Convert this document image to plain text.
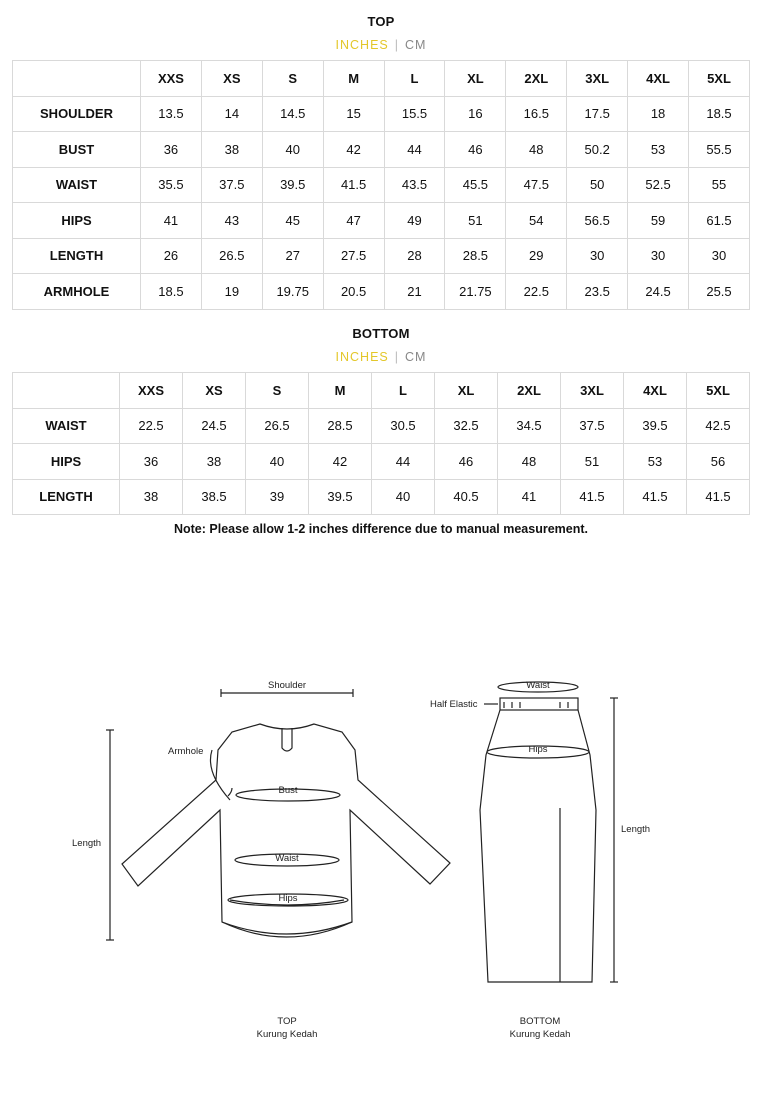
TOP
INCHES | CM
	XXS	XS	S	M	L	XL	2XL	3XL	4XL	5XL
SHOULDER	13.5	14	14.5	15	15.5	16	16.5	17.5	18	18.5
BUST	36	38	40	42	44	46	48	50.2	53	55.5
WAIST	35.5	37.5	39.5	41.5	43.5	45.5	47.5	50	52.5	55
HIPS	41	43	45	47	49	51	54	56.5	59	61.5
LENGTH	26	26.5	27	27.5	28	28.5	29	30	30	30
ARMHOLE	18.5	19	19.75	20.5	21	21.75	22.5	23.5	24.5	25.5
BOTTOM
INCHES | CM
	XXS	XS	S	M	L	XL	2XL	3XL	4XL	5XL
WAIST	22.5	24.5	26.5	28.5	30.5	32.5	34.5	37.5	39.5	42.5
HIPS	36	38	40	42	44	46	48	51	53	56
LENGTH	38	38.5	39	39.5	40	40.5	41	41.5	41.5	41.5
Note: Please allow 1-2 inches difference due to manual measurement.
Shoulder
Armhole
Length
Bust
Waist
Hips
Waist
Half Elastic
Hips
Length
TOP
Kurung Kedah
BOTTOM
Kurung Kedah
